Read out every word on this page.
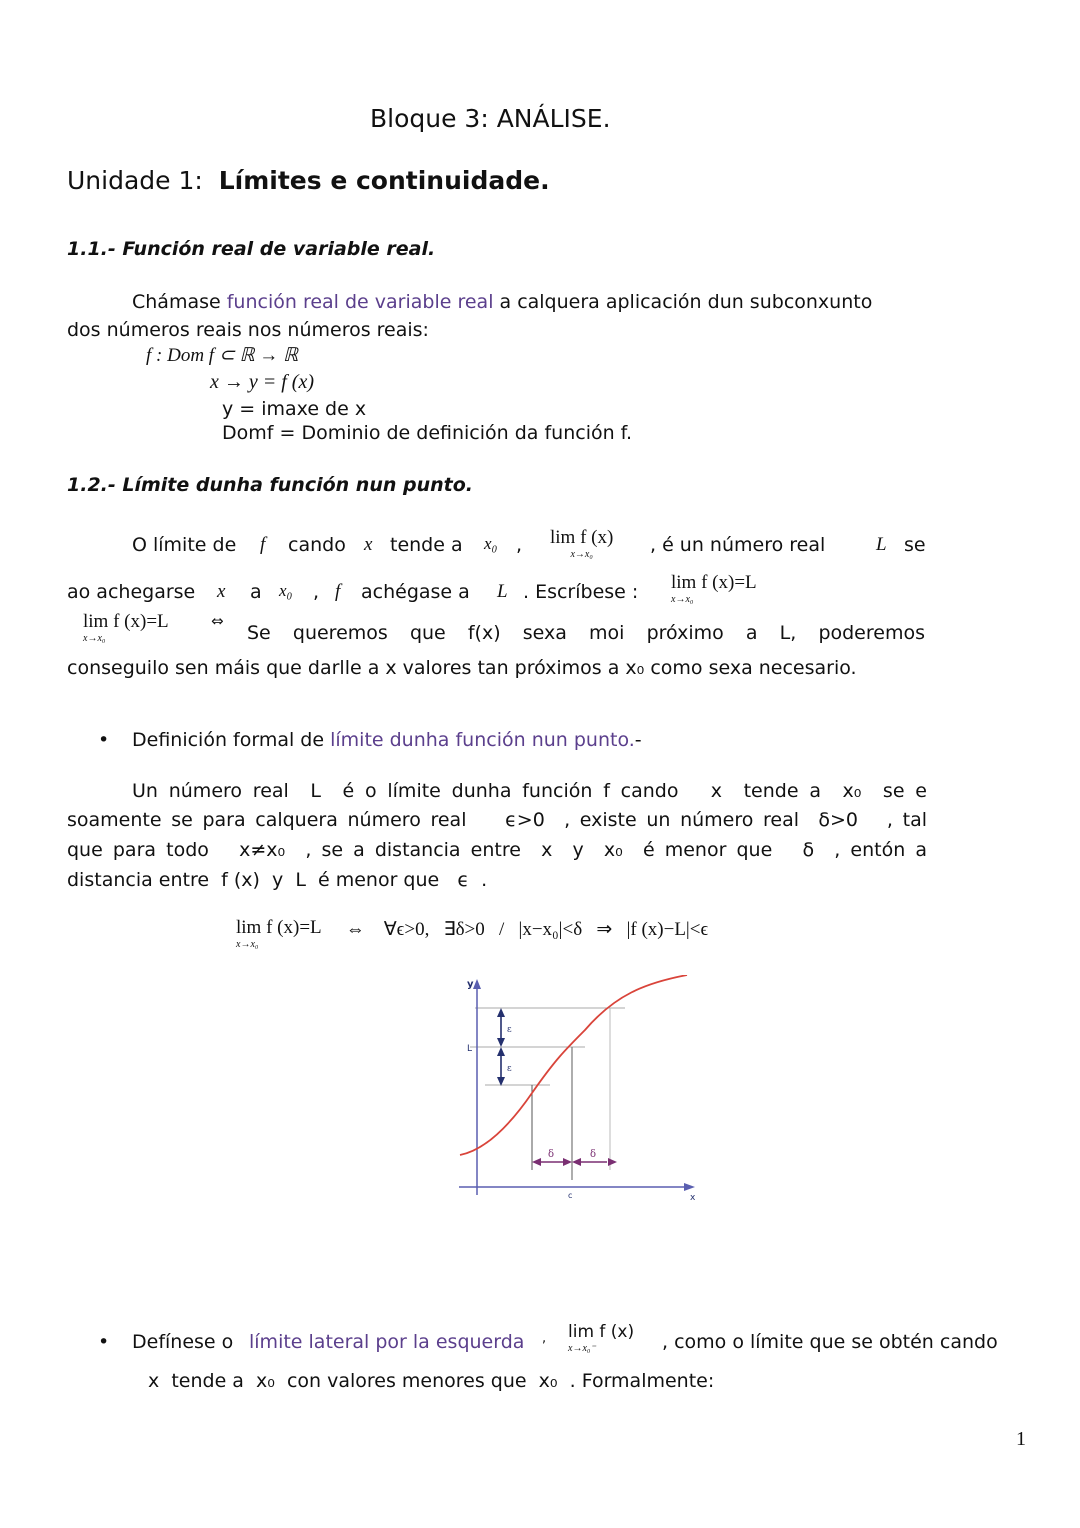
Bloque 3: ANÁLISE.
Unidade 1: Límites e continuidade.
1.1.- Función real de variable real.
Chámase función real de variable real a calquera aplicación dun subconxunto
dos números reais nos números reais:
f : Dom f ⊂ ℝ → ℝ
x → y = f (x)
y = imaxe de x
Domf = Dominio de definición da función f.
1.2.- Límite dunha función nun punto.
O límite de f cando x tende a x₀ , lim f (x)
x→x₀	, é un número real	L se
ao achegarse x a x₀ , f achégase a L . Escríbese : lim f (x)=L
x→x₀
lim f (x)=L
x→x₀
⇔
Se queremos que f(x) sexa moi próximo a L, poderemos
conseguilo sen máis que darlle a x valores tan próximos a x₀ como sexa necesario.
• Definición formal de límite dunha función nun punto.-
Un número real  L  é o límite dunha función f cando   x  tende a  x₀  se e
soamente se para calquera número real    ϵ>0  , existe un número real  δ>0   , tal
que para todo   x≠x₀  , se a distancia entre  x  y  x₀  é menor que   δ  , entón a
distancia entre  f (x)  y  L  é menor que   ϵ  .
lim f (x)=L
x→x₀
⇔    ∀ϵ>0,   ∃δ>0   /   |x−x₀|<δ   ⇒   |f (x)−L|<ϵ
y
x
L
c
ε
ε
δ	δ
• Defínese o límite lateral por la esquerda , lim f (x)
x→x₀⁻	, como o límite que se obtén cando
x  tende a  x₀  con valores menores que  x₀  . Formalmente:
1
